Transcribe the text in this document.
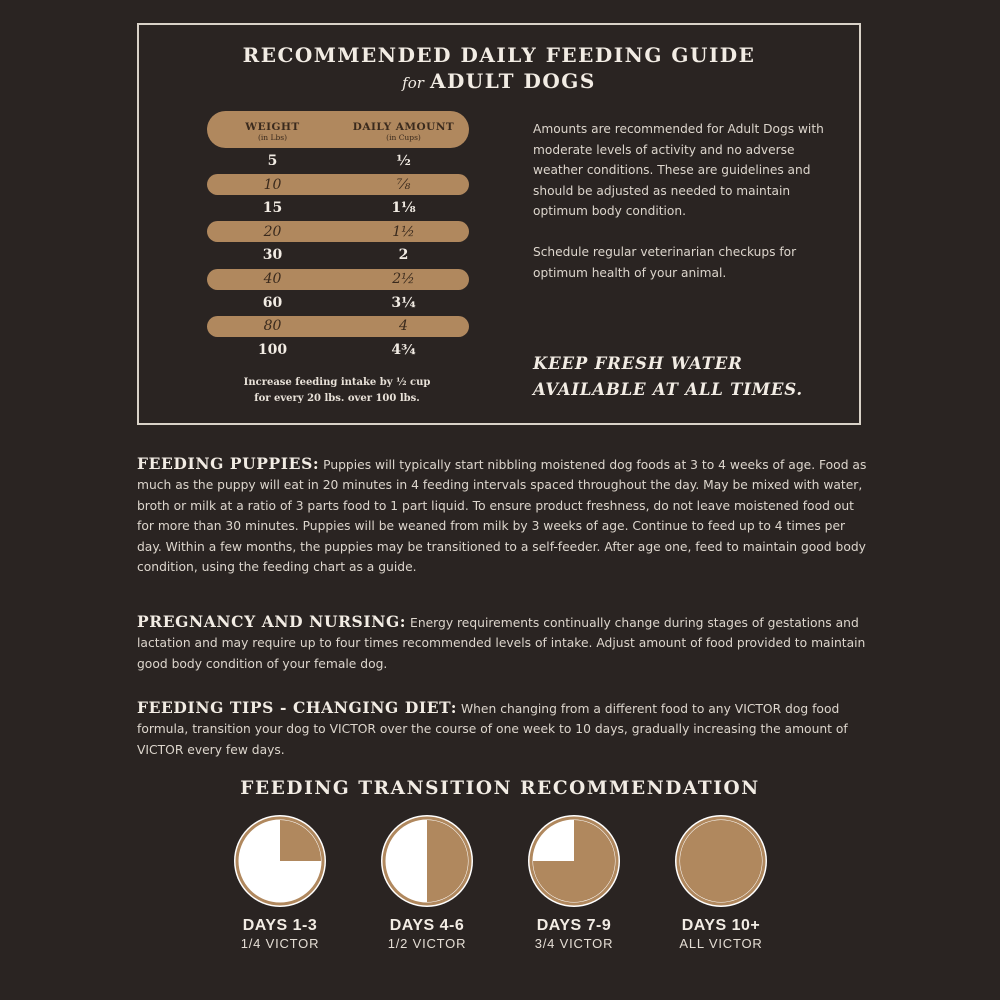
RECOMMENDED DAILY FEEDING GUIDE
for ADULT DOGS
WEIGHT
(in Lbs)
DAILY AMOUNT
(in Cups)
5	½
10	⅞
15	1⅛
20	1½
30	2
40	2½
60	3¼
80	4
100	4¾
Increase feeding intake by ½ cup
for every 20 lbs. over 100 lbs.

Amounts are recommended for Adult Dogs with moderate levels of activity and no adverse weather conditions. These are guidelines and should be adjusted as needed to maintain optimum body condition.

Schedule regular veterinarian checkups for optimum health of your animal.

KEEP FRESH WATER
AVAILABLE AT ALL TIMES.
FEEDING PUPPIES: Puppies will typically start nibbling moistened dog foods at 3 to 4 weeks of age. Food as much as the puppy will eat in 20 minutes in 4 feeding intervals spaced throughout the day. May be mixed with water, broth or milk at a ratio of 3 parts food to 1 part liquid. To ensure product freshness, do not leave moistened food out for more than 30 minutes. Puppies will be weaned from milk by 3 weeks of age. Continue to feed up to 4 times per day. Within a few months, the puppies may be transitioned to a self-feeder. After age one, feed to maintain good body condition, using the feeding chart as a guide.
PREGNANCY AND NURSING: Energy requirements continually change during stages of gestations and lactation and may require up to four times recommended levels of intake. Adjust amount of food provided to maintain good body condition of your female dog.
FEEDING TIPS - CHANGING DIET: When changing from a different food to any VICTOR dog food formula, transition your dog to VICTOR over the course of one week to 10 days, gradually increasing the amount of VICTOR every few days.
FEEDING TRANSITION RECOMMENDATION
DAYS 1-3
1/4 VICTOR
DAYS 4-6
1/2 VICTOR
DAYS 7-9
3/4 VICTOR
DAYS 10+
ALL VICTOR
